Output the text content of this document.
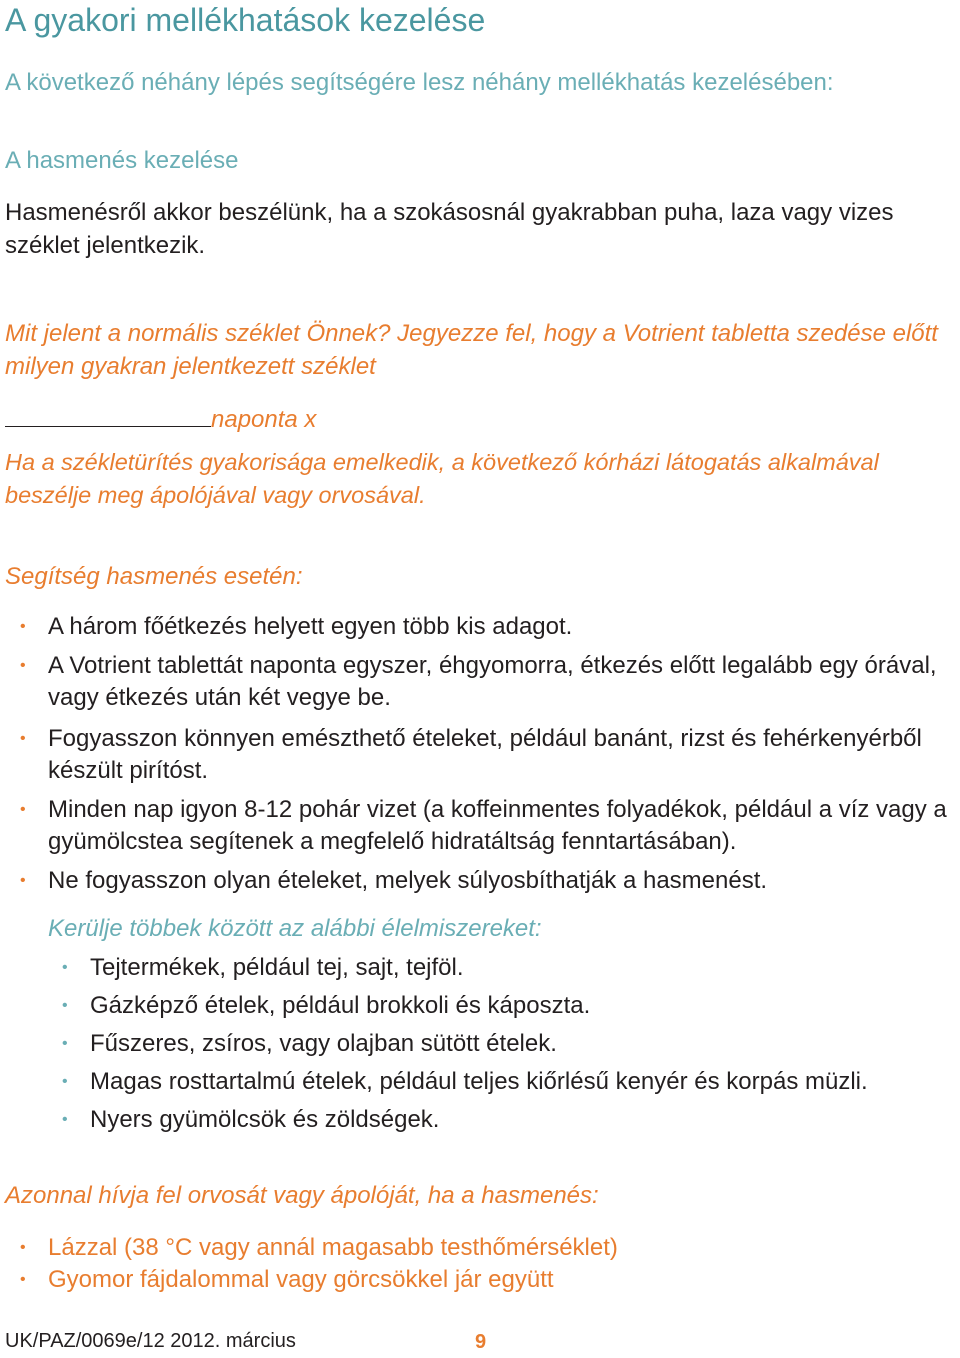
A gyakori mellékhatások kezelése
A következő néhány lépés segítségére lesz néhány mellékhatás kezelésében:
A hasmenés kezelése
Hasmenésről akkor beszélünk, ha a szokásosnál gyakrabban puha, laza vagy vizes széklet jelentkezik.
Mit jelent a normális széklet Önnek? Jegyezze fel, hogy a Votrient tabletta szedése előtt milyen gyakran jelentkezett széklet
naponta x
Ha a székletürítés gyakorisága emelkedik, a következő kórházi látogatás alkalmával beszélje meg ápolójával vagy orvosával.
Segítség hasmenés esetén:
• A három főétkezés helyett egyen több kis adagot.
• A Votrient tablettát naponta egyszer, éhgyomorra, étkezés előtt legalább egy órával, vagy étkezés után két vegye be.
• Fogyasszon könnyen emészthető ételeket, például banánt, rizst és fehérkenyérből készült pirítóst.
• Minden nap igyon 8-12 pohár vizet (a koffeinmentes folyadékok, például a víz vagy a gyümölcstea segítenek a megfelelő hidratáltság fenntartásában).
• Ne fogyasszon olyan ételeket, melyek súlyosbíthatják a hasmenést.
Kerülje többek között az alábbi élelmiszereket:
• Tejtermékek, például tej, sajt, tejföl.
• Gázképző ételek, például brokkoli és káposzta.
• Fűszeres, zsíros, vagy olajban sütött ételek.
• Magas rosttartalmú ételek, például teljes kiőrlésű kenyér és korpás müzli.
• Nyers gyümölcsök és zöldségek.
Azonnal hívja fel orvosát vagy ápolóját, ha a hasmenés:
• Lázzal (38 °C vagy annál magasabb testhőmérséklet)
• Gyomor fájdalommal vagy görcsökkel jár együtt
UK/PAZ/0069e/12 2012. március	9
